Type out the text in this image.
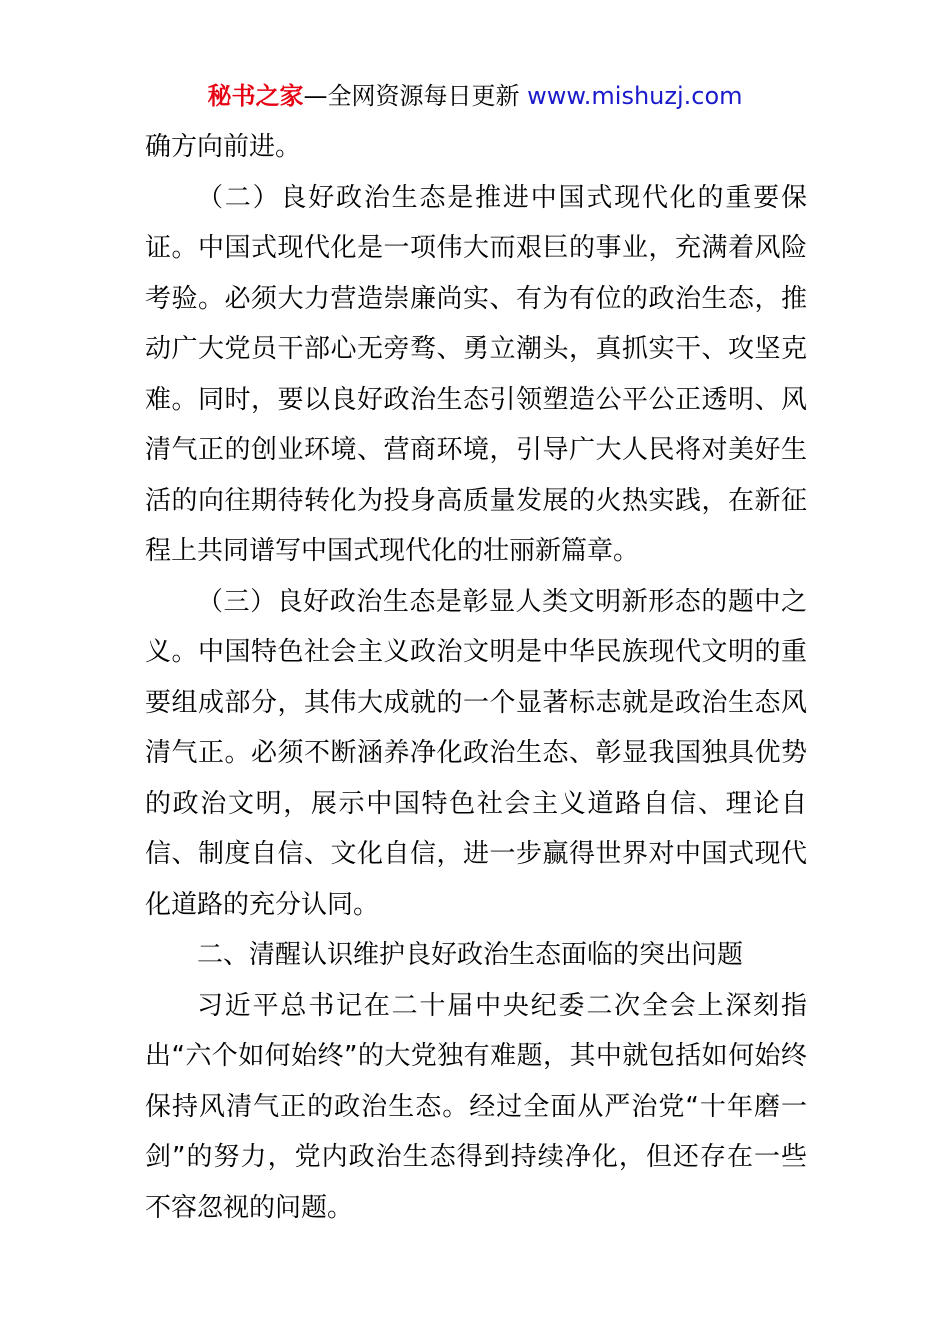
秘书之家—全网资源每日更新 www.mishuzj.com

确方向前进。

（二）良好政治生态是推进中国式现代化的重要保证。中国式现代化是一项伟大而艰巨的事业，充满着风险考验。必须大力营造崇廉尚实、有为有位的政治生态，推动广大党员干部心无旁骛、勇立潮头，真抓实干、攻坚克难。同时，要以良好政治生态引领塑造公平公正透明、风清气正的创业环境、营商环境，引导广大人民将对美好生活的向往期待转化为投身高质量发展的火热实践，在新征程上共同谱写中国式现代化的壮丽新篇章。

（三）良好政治生态是彰显人类文明新形态的题中之义。中国特色社会主义政治文明是中华民族现代文明的重要组成部分，其伟大成就的一个显著标志就是政治生态风清气正。必须不断涵养净化政治生态、彰显我国独具优势的政治文明，展示中国特色社会主义道路自信、理论自信、制度自信、文化自信，进一步赢得世界对中国式现代化道路的充分认同。

二、清醒认识维护良好政治生态面临的突出问题

习近平总书记在二十届中央纪委二次全会上深刻指出“六个如何始终”的大党独有难题，其中就包括如何始终保持风清气正的政治生态。经过全面从严治党“十年磨一剑”的努力，党内政治生态得到持续净化，但还存在一些不容忽视的问题。
